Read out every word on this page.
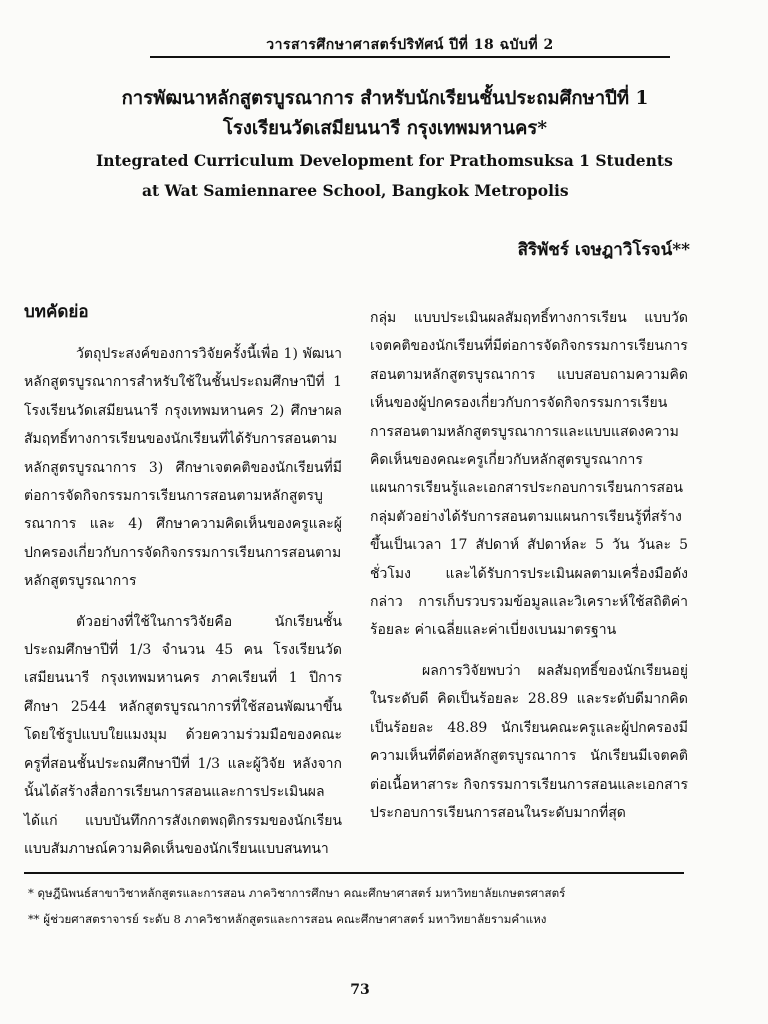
วารสารศึกษาศาสตร์ปริทัศน์ ปีที่ 18 ฉบับที่ 2
การพัฒนาหลักสูตรบูรณาการ สำหรับนักเรียนชั้นประถมศึกษาปีที่ 1
โรงเรียนวัดเสมียนนารี กรุงเทพมหานคร*
Integrated Curriculum Development for Prathomsuksa 1 Students
at Wat Samiennaree School, Bangkok Metropolis
สิริพัชร์ เจษฎาวิโรจน์**
บทคัดย่อ

วัตถุประสงค์ของการวิจัยครั้งนี้เพื่อ 1) พัฒนาหลักสูตรบูรณาการสำหรับใช้ในชั้นประถมศึกษาปีที่ 1 โรงเรียนวัดเสมียนนารี กรุงเทพมหานคร 2) ศึกษาผลสัมฤทธิ์ทางการเรียนของนักเรียนที่ได้รับการสอนตามหลักสูตรบูรณาการ 3) ศึกษาเจตคติของนักเรียนที่มีต่อการจัดกิจกรรมการเรียนการสอนตามหลักสูตรบูรณาการ และ 4) ศึกษาความคิดเห็นของครูและผู้ปกครองเกี่ยวกับการจัดกิจกรรมการเรียนการสอนตามหลักสูตรบูรณาการ

ตัวอย่างที่ใช้ในการวิจัยคือ นักเรียนชั้นประถมศึกษาปีที่ 1/3 จำนวน 45 คน โรงเรียนวัดเสมียนนารี กรุงเทพมหานคร ภาคเรียนที่ 1 ปีการศึกษา 2544 หลักสูตรบูรณาการที่ใช้สอนพัฒนาขึ้นโดยใช้รูปแบบใยแมงมุม ด้วยความร่วมมือของคณะครูที่สอนชั้นประถมศึกษาปีที่ 1/3 และผู้วิจัย หลังจากนั้นได้สร้างสื่อการเรียนการสอนและการประเมินผล ได้แก่ แบบบันทึกการสังเกตพฤติกรรมของนักเรียน แบบสัมภาษณ์ความคิดเห็นของนักเรียนแบบสนทนา

กลุ่ม แบบประเมินผลสัมฤทธิ์ทางการเรียน แบบวัดเจตคติของนักเรียนที่มีต่อการจัดกิจกรรมการเรียนการสอนตามหลักสูตรบูรณาการ แบบสอบถามความคิดเห็นของผู้ปกครองเกี่ยวกับการจัดกิจกรรมการเรียนการสอนตามหลักสูตรบูรณาการและแบบแสดงความคิดเห็นของคณะครูเกี่ยวกับหลักสูตรบูรณาการ แผนการเรียนรู้และเอกสารประกอบการเรียนการสอน กลุ่มตัวอย่างได้รับการสอนตามแผนการเรียนรู้ที่สร้างขึ้นเป็นเวลา 17 สัปดาห์ สัปดาห์ละ 5 วัน วันละ 5 ชั่วโมง และได้รับการประเมินผลตามเครื่องมือดังกล่าว การเก็บรวบรวมข้อมูลและวิเคราะห์ใช้สถิติค่าร้อยละ ค่าเฉลี่ยและค่าเบี่ยงเบนมาตรฐาน

ผลการวิจัยพบว่า ผลสัมฤทธิ์ของนักเรียนอยู่ในระดับดี คิดเป็นร้อยละ 28.89 และระดับดีมากคิดเป็นร้อยละ 48.89 นักเรียนคณะครูและผู้ปกครองมีความเห็นที่ดีต่อหลักสูตรบูรณาการ นักเรียนมีเจตคติต่อเนื้อหาสาระ กิจกรรมการเรียนการสอนและเอกสารประกอบการเรียนการสอนในระดับมากที่สุด

* ดุษฎีนิพนธ์สาขาวิชาหลักสูตรและการสอน ภาควิชาการศึกษา คณะศึกษาศาสตร์ มหาวิทยาลัยเกษตรศาสตร์
** ผู้ช่วยศาสตราจารย์ ระดับ 8 ภาควิชาหลักสูตรและการสอน คณะศึกษาศาสตร์ มหาวิทยาลัยรามคำแหง
73
